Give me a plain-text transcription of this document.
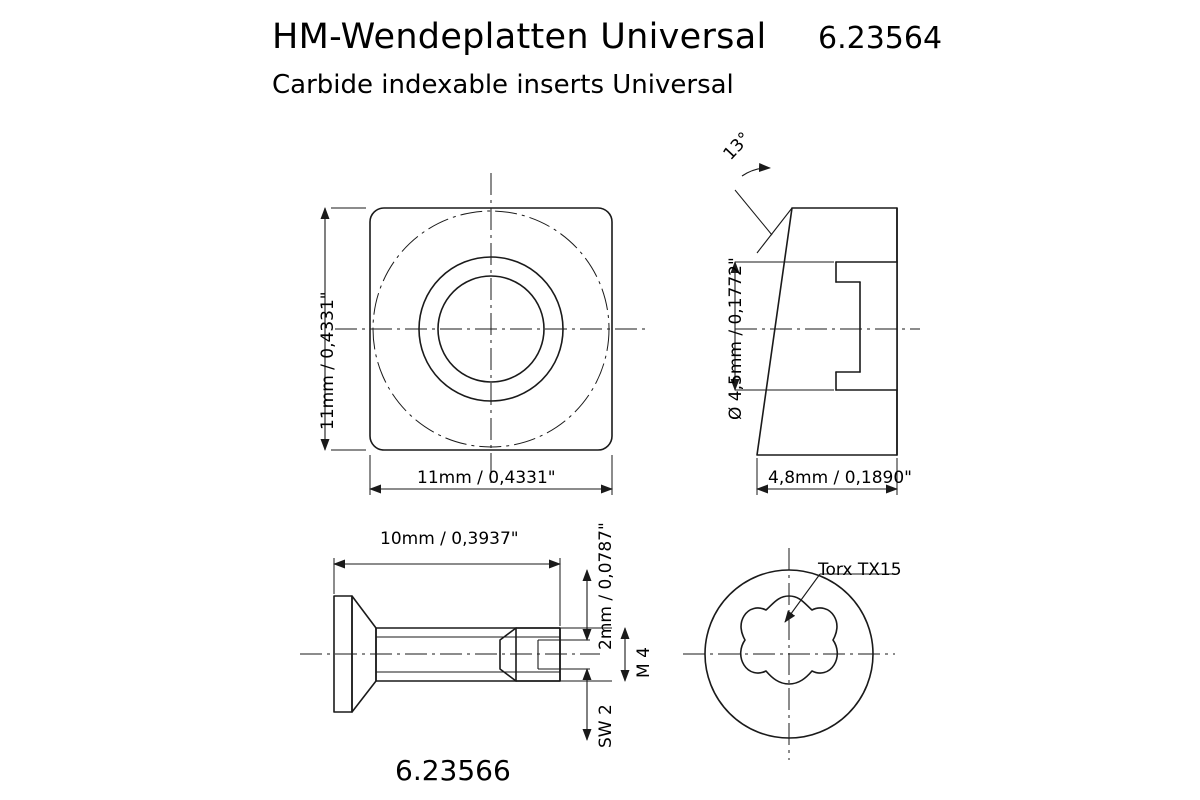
HM-Wendeplatten Universal 6.23564
Carbide indexable inserts Universal
11mm / 0,4331"
11mm / 0,4331"
13°
Ø 4,5mm / 0,1772"
4,8mm / 0,1890"
10mm / 0,3937"	2mm / 0,0787"
SW 2
M 4
Torx TX15
6.23566
